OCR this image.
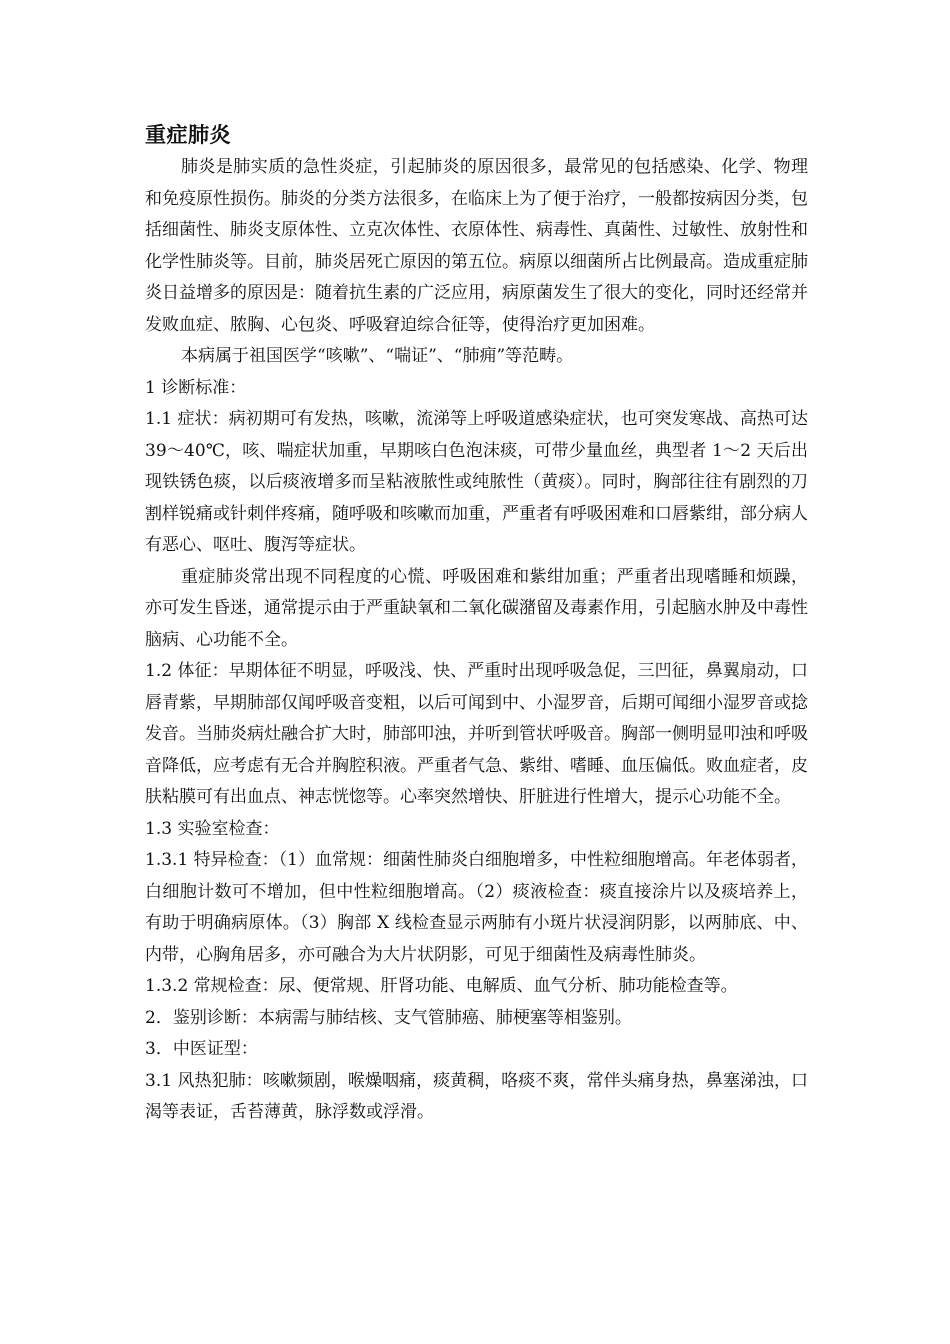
重症肺炎

肺炎是肺实质的急性炎症，引起肺炎的原因很多，最常见的包括感染、化学、物理和免疫原性损伤。肺炎的分类方法很多，在临床上为了便于治疗，一般都按病因分类，包括细菌性、肺炎支原体性、立克次体性、衣原体性、病毒性、真菌性、过敏性、放射性和化学性肺炎等。目前，肺炎居死亡原因的第五位。病原以细菌所占比例最高。造成重症肺炎日益增多的原因是：随着抗生素的广泛应用，病原菌发生了很大的变化，同时还经常并发败血症、脓胸、心包炎、呼吸窘迫综合征等，使得治疗更加困难。

本病属于祖国医学“咳嗽”、“喘证”、“肺痈”等范畴。

1 诊断标准：

1.1 症状：病初期可有发热，咳嗽，流涕等上呼吸道感染症状，也可突发寒战、高热可达 39～40℃，咳、喘症状加重，早期咳白色泡沫痰，可带少量血丝，典型者 1～2 天后出现铁锈色痰，以后痰液增多而呈粘液脓性或纯脓性（黄痰）。同时，胸部往往有剧烈的刀割样锐痛或针刺伴疼痛，随呼吸和咳嗽而加重，严重者有呼吸困难和口唇紫绀，部分病人有恶心、呕吐、腹泻等症状。

重症肺炎常出现不同程度的心慌、呼吸困难和紫绀加重；严重者出现嗜睡和烦躁，亦可发生昏迷，通常提示由于严重缺氧和二氧化碳潴留及毒素作用，引起脑水肿及中毒性脑病、心功能不全。

1.2 体征：早期体征不明显，呼吸浅、快、严重时出现呼吸急促，三凹征，鼻翼扇动，口唇青紫，早期肺部仅闻呼吸音变粗，以后可闻到中、小湿罗音，后期可闻细小湿罗音或捻发音。当肺炎病灶融合扩大时，肺部叩浊，并听到管状呼吸音。胸部一侧明显叩浊和呼吸音降低，应考虑有无合并胸腔积液。严重者气急、紫绀、嗜睡、血压偏低。败血症者，皮肤粘膜可有出血点、神志恍惚等。心率突然增快、肝脏进行性增大，提示心功能不全。

1.3 实验室检查：

1.3.1 特异检查：（1）血常规：细菌性肺炎白细胞增多，中性粒细胞增高。年老体弱者，白细胞计数可不增加，但中性粒细胞增高。（2）痰液检查：痰直接涂片以及痰培养上，有助于明确病原体。（3）胸部 X 线检查显示两肺有小斑片状浸润阴影，以两肺底、中、内带，心胸角居多，亦可融合为大片状阴影，可见于细菌性及病毒性肺炎。

1.3.2 常规检查：尿、便常规、肝肾功能、电解质、血气分析、肺功能检查等。

2．鉴别诊断：本病需与肺结核、支气管肺癌、肺梗塞等相鉴别。

3．中医证型：

3.1 风热犯肺：咳嗽频剧，喉燥咽痛，痰黄稠，咯痰不爽，常伴头痛身热，鼻塞涕浊，口渴等表证，舌苔薄黄，脉浮数或浮滑。
